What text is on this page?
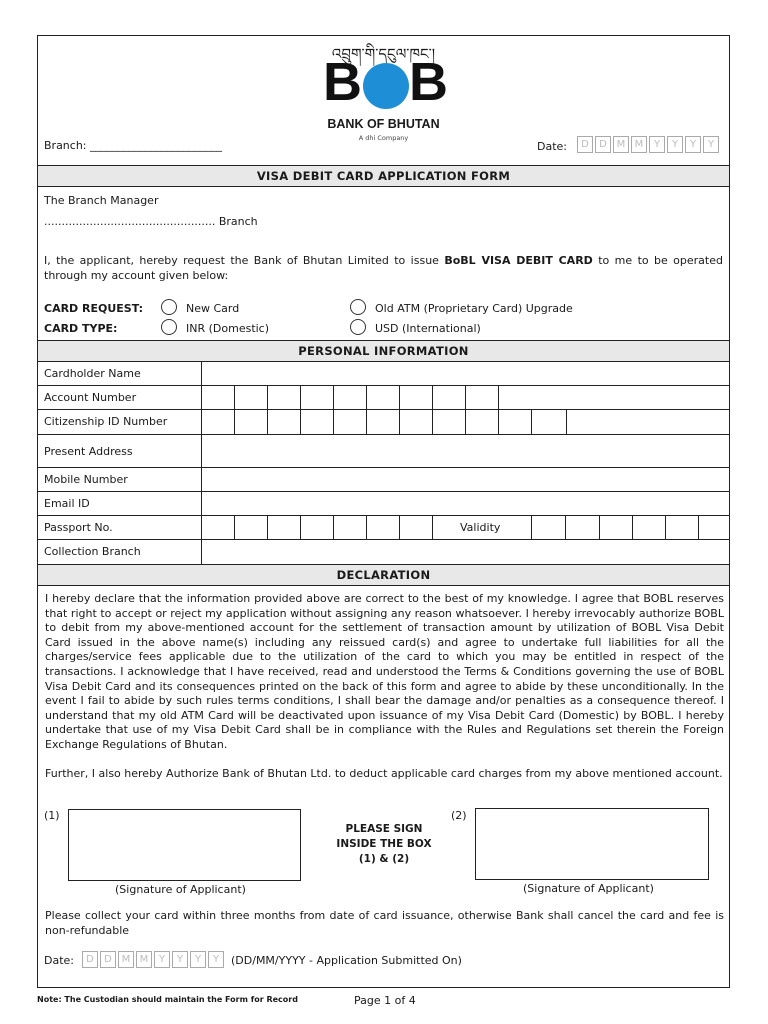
འབྲུག་གི་དངུལ་ཁང་།
B B
BANK OF BHUTAN
A dhi Company
Branch: ________________________	Date:	D	D M M	Y	Y	Y	Y
VISA DEBIT CARD APPLICATION FORM
The Branch Manager
................................................. Branch
I, the applicant, hereby request the Bank of Bhutan Limited to issue BoBL VISA DEBIT CARD to me to be operated
through my account given below:
CARD REQUEST:	New Card	Old ATM (Proprietary Card) Upgrade
CARD TYPE:	INR (Domestic)	USD (International)
PERSONAL INFORMATION
Cardholder Name
Account Number
Citizenship ID Number
Present Address
Mobile Number
Email ID
Passport No.	Validity
Collection Branch
DECLARATION
I hereby declare that the information provided above are correct to the best of my knowledge. I agree that BOBL reserves that right to accept or reject my application without assigning any reason whatsoever. I hereby irrevocably authorize BOBL to debit from my above-mentioned account for the settlement of transaction amount by utilization of BOBL Visa Debit Card issued in the above name(s) including any reissued card(s) and agree to undertake full liabilities for all the charges/service fees applicable due to the utilization of the card to which you may be entitled in respect of the transactions. I acknowledge that I have received, read and understood the Terms & Conditions governing the use of BOBL Visa Debit Card and its consequences printed on the back of this form and agree to abide by these unconditionally. In the event I fail to abide by such rules terms conditions, I shall bear the damage and/or penalties as a consequence thereof. I understand that my old ATM Card will be deactivated upon issuance of my Visa Debit Card (Domestic) by BOBL. I hereby undertake that use of my Visa Debit Card shall be in compliance with the Rules and Regulations set therein the Foreign Exchange Regulations of Bhutan.
Further, I also hereby Authorize Bank of Bhutan Ltd. to deduct applicable card charges from my above mentioned account.
(1)
(Signature of Applicant)
PLEASE SIGN
INSIDE THE BOX
(1) & (2)
(2)
(Signature of Applicant)
Please collect your card within three months from date of card issuance, otherwise Bank shall cancel the card and fee is non-refundable
Date:	D	D M M	Y	Y	Y	Y	(DD/MM/YYYY - Application Submitted On)
Note: The Custodian should maintain the Form for Record	Page 1 of 4
